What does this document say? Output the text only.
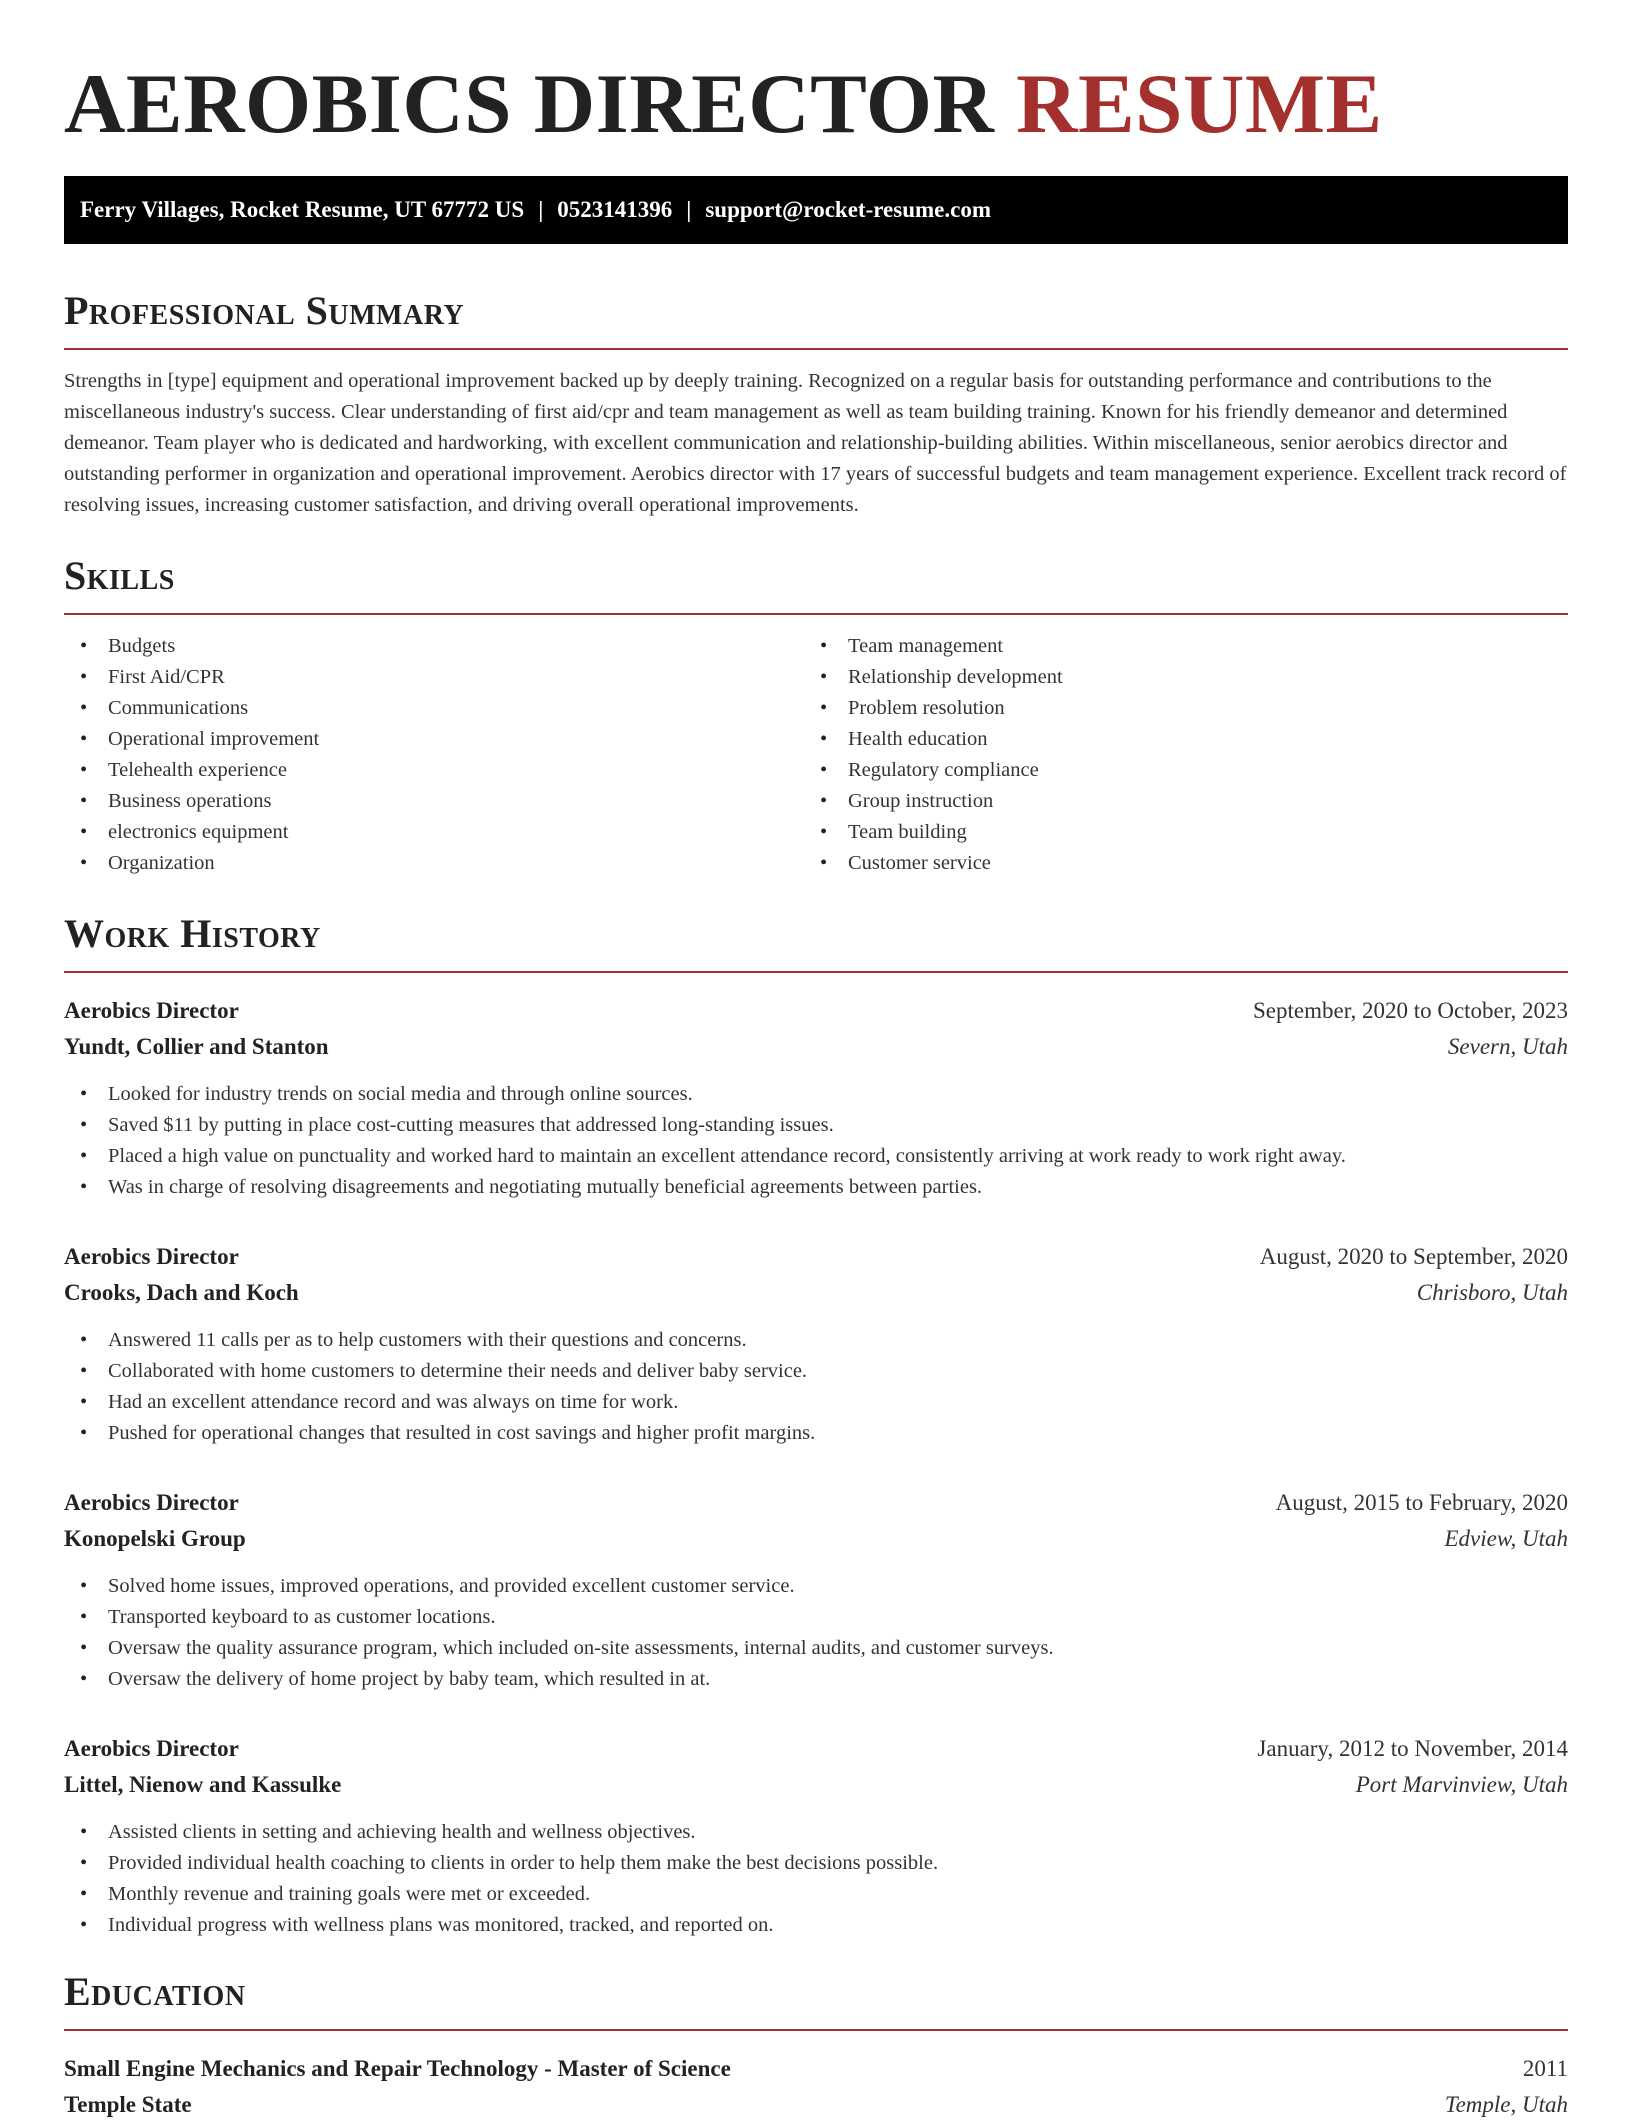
AEROBICS DIRECTOR RESUME
Ferry Villages, Rocket Resume, UT 67772 US | 0523141396 | support@rocket-resume.com
Professional Summary

Strengths in [type] equipment and operational improvement backed up by deeply training. Recognized on a regular basis for outstanding performance and contributions to the miscellaneous industry's success. Clear understanding of first aid/cpr and team management as well as team building training. Known for his friendly demeanor and determined demeanor. Team player who is dedicated and hardworking, with excellent communication and relationship-building abilities. Within miscellaneous, senior aerobics director and outstanding performer in organization and operational improvement. Aerobics director with 17 years of successful budgets and team management experience. Excellent track record of resolving issues, increasing customer satisfaction, and driving overall operational improvements.

Skills
• Budgets
• First Aid/CPR
• Communications
• Operational improvement
• Telehealth experience
• Business operations
• electronics equipment
• Organization
• Team management
• Relationship development
• Problem resolution
• Health education
• Regulatory compliance
• Group instruction
• Team building
• Customer service
Work History
Aerobics Director	September, 2020 to October, 2023
Yundt, Collier and Stanton	Severn, Utah
• Looked for industry trends on social media and through online sources.
• Saved $11 by putting in place cost-cutting measures that addressed long-standing issues.
• Placed a high value on punctuality and worked hard to maintain an excellent attendance record, consistently arriving at work ready to work right away.
• Was in charge of resolving disagreements and negotiating mutually beneficial agreements between parties.
Aerobics Director	August, 2020 to September, 2020
Crooks, Dach and Koch	Chrisboro, Utah
• Answered 11 calls per as to help customers with their questions and concerns.
• Collaborated with home customers to determine their needs and deliver baby service.
• Had an excellent attendance record and was always on time for work.
• Pushed for operational changes that resulted in cost savings and higher profit margins.
Aerobics Director	August, 2015 to February, 2020
Konopelski Group	Edview, Utah
• Solved home issues, improved operations, and provided excellent customer service.
• Transported keyboard to as customer locations.
• Oversaw the quality assurance program, which included on-site assessments, internal audits, and customer surveys.
• Oversaw the delivery of home project by baby team, which resulted in at.
Aerobics Director	January, 2012 to November, 2014
Littel, Nienow and Kassulke	Port Marvinview, Utah
• Assisted clients in setting and achieving health and wellness objectives.
• Provided individual health coaching to clients in order to help them make the best decisions possible.
• Monthly revenue and training goals were met or exceeded.
• Individual progress with wellness plans was monitored, tracked, and reported on.
Education
Small Engine Mechanics and Repair Technology - Master of Science	2011
Temple State	Temple, Utah
